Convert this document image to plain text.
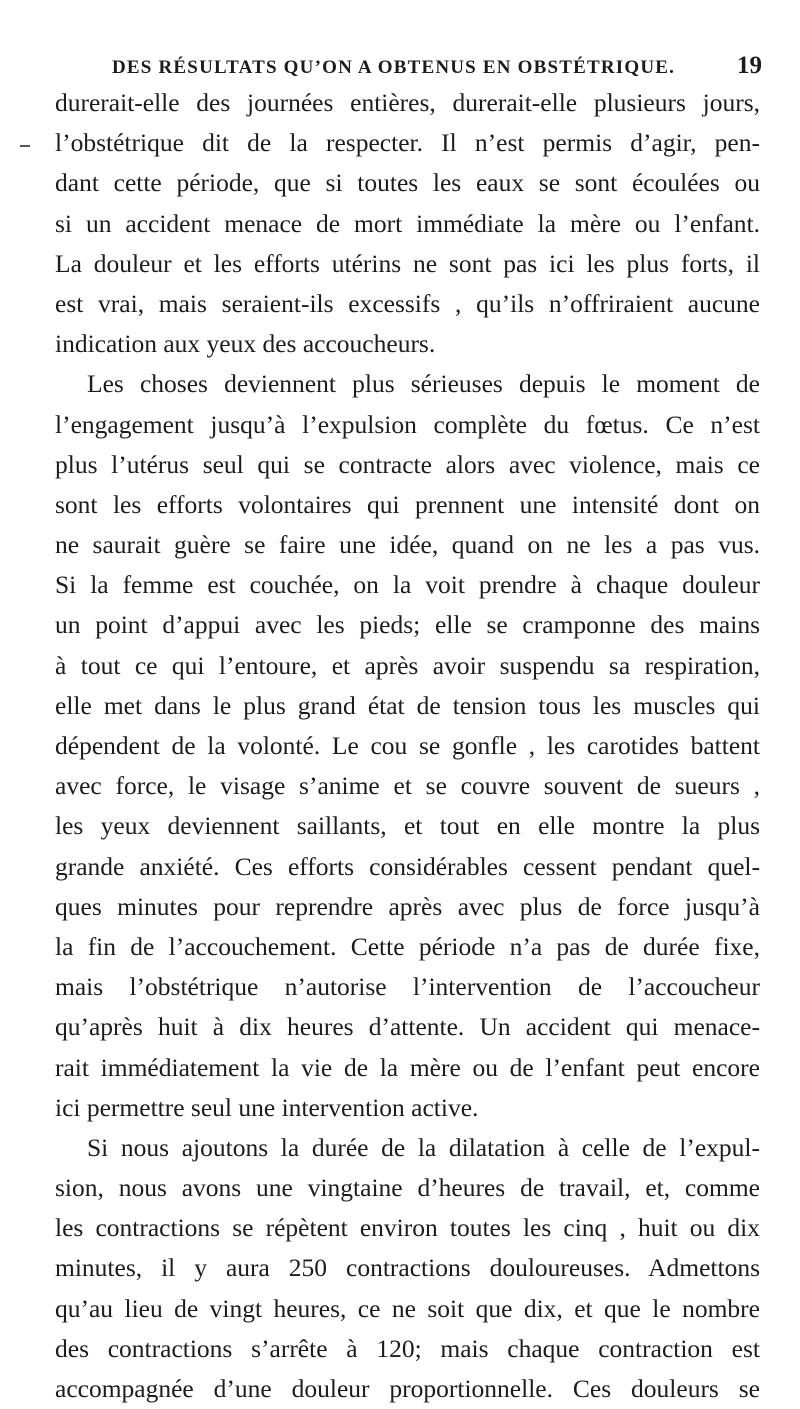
DES RÉSULTATS QU’ON A OBTENUS EN OBSTÉTRIQUE.	19
durerait-elle des journées entières, durerait-elle plusieurs jours,
l’obstétrique dit de la respecter. Il n’est permis d’agir, pen-
dant cette période, que si toutes les eaux se sont écoulées ou
si un accident menace de mort immédiate la mère ou l’enfant.
La douleur et les efforts utérins ne sont pas ici les plus forts, il
est vrai, mais seraient-ils excessifs , qu’ils n’offriraient aucune
indication aux yeux des accoucheurs.
Les choses deviennent plus sérieuses depuis le moment de
l’engagement jusqu’à l’expulsion complète du fœtus. Ce n’est
plus l’utérus seul qui se contracte alors avec violence, mais ce
sont les efforts volontaires qui prennent une intensité dont on
ne saurait guère se faire une idée, quand on ne les a pas vus.
Si la femme est couchée, on la voit prendre à chaque douleur
un point d’appui avec les pieds; elle se cramponne des mains
à tout ce qui l’entoure, et après avoir suspendu sa respiration,
elle met dans le plus grand état de tension tous les muscles qui
dépendent de la volonté. Le cou se gonfle , les carotides battent
avec force, le visage s’anime et se couvre souvent de sueurs ,
les yeux deviennent saillants, et tout en elle montre la plus
grande anxiété. Ces efforts considérables cessent pendant quel-
ques minutes pour reprendre après avec plus de force jusqu’à
la fin de l’accouchement. Cette période n’a pas de durée fixe,
mais l’obstétrique n’autorise l’intervention de l’accoucheur
qu’après huit à dix heures d’attente. Un accident qui menace-
rait immédiatement la vie de la mère ou de l’enfant peut encore
ici permettre seul une intervention active.
Si nous ajoutons la durée de la dilatation à celle de l’expul-
sion, nous avons une vingtaine d’heures de travail, et, comme
les contractions se répètent environ toutes les cinq , huit ou dix
minutes, il y aura 250 contractions douloureuses. Admettons
qu’au lieu de vingt heures, ce ne soit que dix, et que le nombre
des contractions s’arrête à 120; mais chaque contraction est
accompagnée d’une douleur proportionnelle. Ces douleurs se
